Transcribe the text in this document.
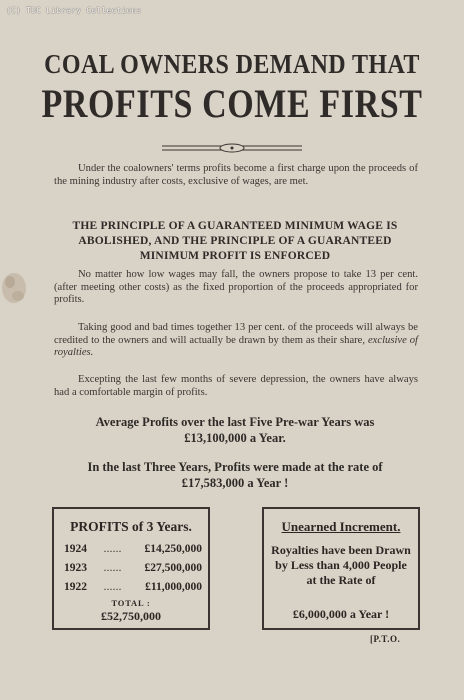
(C) TUC Library Collections
COAL OWNERS DEMAND THAT
PROFITS COME FIRST
Under the coalowners' terms profits become a first charge upon the proceeds of the mining industry after costs, exclusive of wages, are met.
THE PRINCIPLE OF A GUARANTEED MINIMUM WAGE IS ABOLISHED, AND THE PRINCIPLE OF A GUARANTEED MINIMUM PROFIT IS ENFORCED
No matter how low wages may fall, the owners propose to take 13 per cent. (after meeting other costs) as the fixed proportion of the proceeds appropriated for profits.
Taking good and bad times together 13 per cent. of the proceeds will always be credited to the owners and will actually be drawn by them as their share, exclusive of royalties.
Excepting the last few months of severe depression, the owners have always had a comfortable margin of profits.
Average Profits over the last Five Pre-war Years was
£13,100,000 a Year.
In the last Three Years, Profits were made at the rate of
£17,583,000 a Year !
PROFITS of 3 Years.
1924 ...... £14,250,000
1923 ...... £27,500,000
1922 ...... £11,000,000
TOTAL :
£52,750,000
Unearned Increment.
Royalties have been Drawn by Less than 4,000 People at the Rate of
£6,000,000 a Year !
[P.T.O.
